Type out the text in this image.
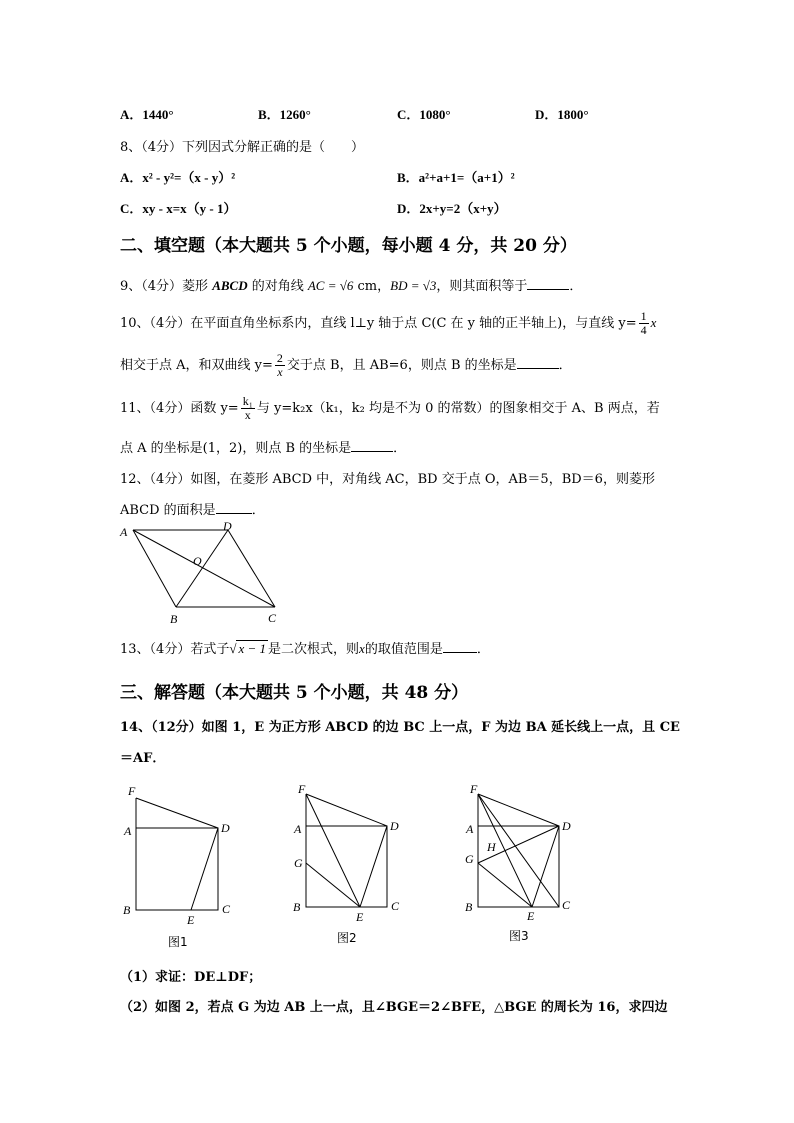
A．1440°	B．1260°	C．1080°	D．1800°
8、（4分）下列因式分解正确的是（　　）
A．x² - y²=（x - y）²	B．a²+a+1=（a+1）²
C．xy - x=x（y - 1）	D．2x+y=2（x+y）
二、填空题（本大题共 5 个小题，每小题 4 分，共 20 分）
9、（4分）菱形 ABCD 的对角线 AC = √6 cm，BD = √3，则其面积等于	．
10、（4分）在平面直角坐标系内，直线 l⊥y 轴于点 C(C 在 y 轴的正半轴上)，与直线 $y= \frac{1}{4}$ x
相交于点 A，和双曲线 $y= \frac{2}{x}$ 交于点 B，且 AB=6，则点 B 的坐标是	．
11、（4分）函数 $y= \frac{\text{k₁}}{x}$ 与 y=k₂x（k₁，k₂ 均是不为 0 的常数）的图象相交于 A、B 两点，若
点 A 的坐标是(1，2)，则点 B 的坐标是	．
12、（4分）如图，在菱形 ABCD 中，对角线 AC，BD 交于点 O，AB＝5，BD＝6，则菱形
ABCD 的面积是	．
A	D
O
B	C
13、（4分）若式子√ x − 1 是二次根式，则x的取值范围是	．
三、解答题（本大题共 5 个小题，共 48 分）
14、（12分）如图 1，E 为正方形 ABCD 的边 BC 上一点，F 为边 BA 延长线上一点，且 CE
＝AF．
F
A	D
B	C
E
图1
F
A	D
G
B	C
E
图2
F
A	D
H
G
B	C
E
图3
（1）求证：DE⊥DF；
（2）如图 2，若点 G 为边 AB 上一点，且∠BGE＝2∠BFE，△BGE 的周长为 16，求四边
